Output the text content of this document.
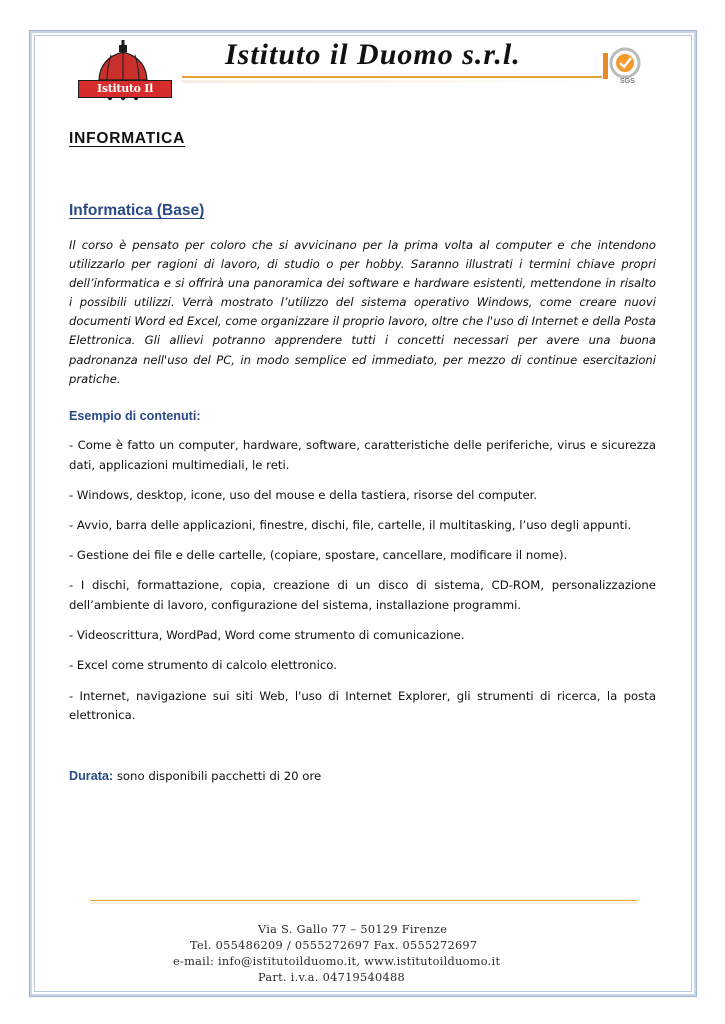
Istituto Il Duomo
Istituto il Duomo s.r.l.
SGS
INFORMATICA
Informatica (Base)
Il corso è pensato per coloro che si avvicinano per la prima volta al computer e che intendono utilizzarlo per ragioni di lavoro, di studio o per hobby. Saranno illustrati i termini chiave propri dell’informatica e si offrirà una panoramica dei software e hardware esistenti, mettendone in risalto i possibili utilizzi. Verrà mostrato l’utilizzo del sistema operativo Windows, come creare nuovi documenti Word ed Excel, come organizzare il proprio lavoro, oltre che l'uso di Internet e della Posta Elettronica. Gli allievi potranno apprendere tutti i concetti necessari per avere una buona padronanza nell'uso del PC, in modo semplice ed immediato, per mezzo di continue esercitazioni pratiche.
Esempio di contenuti:
- Come è fatto un computer, hardware, software, caratteristiche delle periferiche, virus e sicurezza dati, applicazioni multimediali, le reti.
- Windows, desktop, icone, uso del mouse e della tastiera, risorse del computer.
- Avvio, barra delle applicazioni, finestre, dischi, file, cartelle, il multitasking, l’uso degli appunti.
- Gestione dei file e delle cartelle, (copiare, spostare, cancellare, modificare il nome).
- I dischi, formattazione, copia, creazione di un disco di sistema, CD-ROM, personalizzazione dell’ambiente di lavoro, configurazione del sistema, installazione programmi.
- Videoscrittura, WordPad, Word come strumento di comunicazione.
- Excel come strumento di calcolo elettronico.
- Internet, navigazione sui siti Web, l'uso di Internet Explorer, gli strumenti di ricerca, la posta elettronica.
Durata: sono disponibili pacchetti di 20 ore
Via S. Gallo 77 – 50129 Firenze
Tel. 055486209 / 0555272697 Fax. 0555272697
e-mail: info@istitutoilduomo.it, www.istitutoilduomo.it
Part. i.v.a. 04719540488
